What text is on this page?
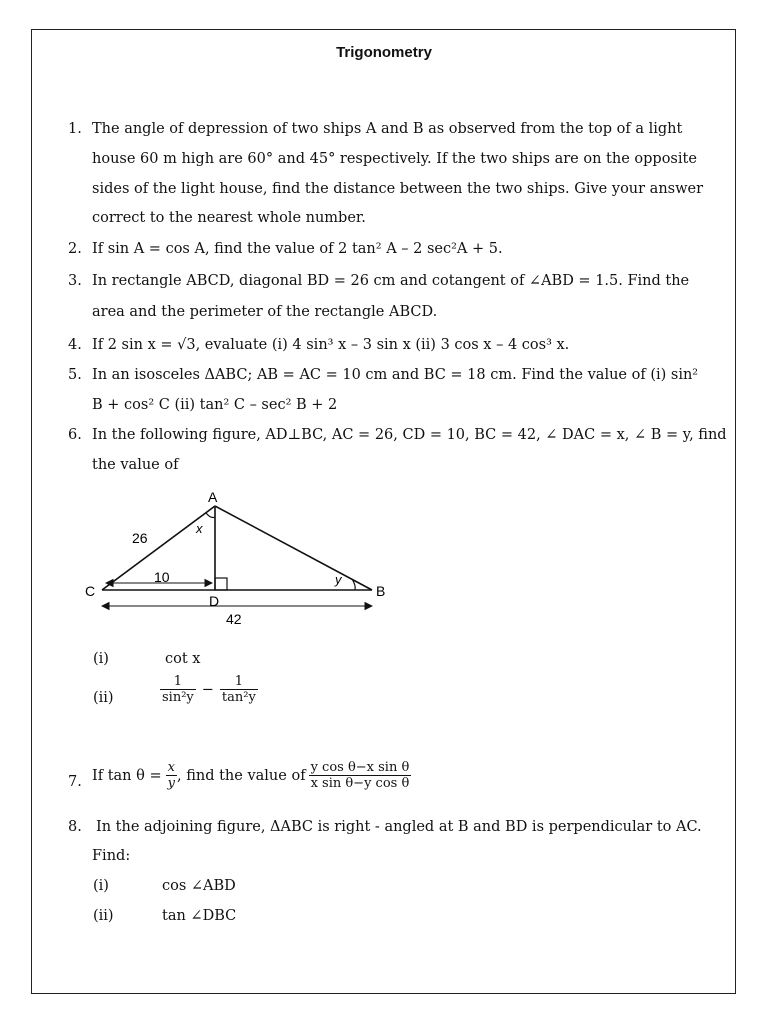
Trigonometry
1. The angle of depression of two ships A and B as observed from the top of a light
house 60 m high are 60° and 45° respectively. If the two ships are on the opposite
sides of the light house, find the distance between the two ships. Give your answer
correct to the nearest whole number.
2. If sin A = cos A, find the value of 2 tan² A – 2 sec²A + 5.
3. In rectangle ABCD, diagonal BD = 26 cm and cotangent of ∠ABD = 1.5. Find the
area and the perimeter of the rectangle ABCD.
4. If 2 sin x = √3, evaluate (i) 4 sin³ x – 3 sin x (ii) 3 cos x – 4 cos³ x.
5. In an isosceles ΔABC; AB = AC = 10 cm and BC = 18 cm. Find the value of (i) sin²
B + cos² C (ii) tan² C – sec² B + 2
6. In the following figure, AD⊥BC, AC = 26, CD = 10, BC = 42, ∠ DAC = x, ∠ B = y, find
the value of
A
B
C
D
x
y
26
10
42
(i)	cot x
(ii)	$\frac{1}{\text{sin²y}} - \frac{1}{\text{tan²y}}$
7. If $\tan \theta = \frac{x}{y}$ , find the value of $\frac{\text{y cos θ−x sin θ}}{\text{x sin θ−y cos θ}}$
8. In the adjoining figure, ΔABC is right - angled at B and BD is perpendicular to AC.
Find:
(i)	cos ∠ABD
(ii)	tan ∠DBC
